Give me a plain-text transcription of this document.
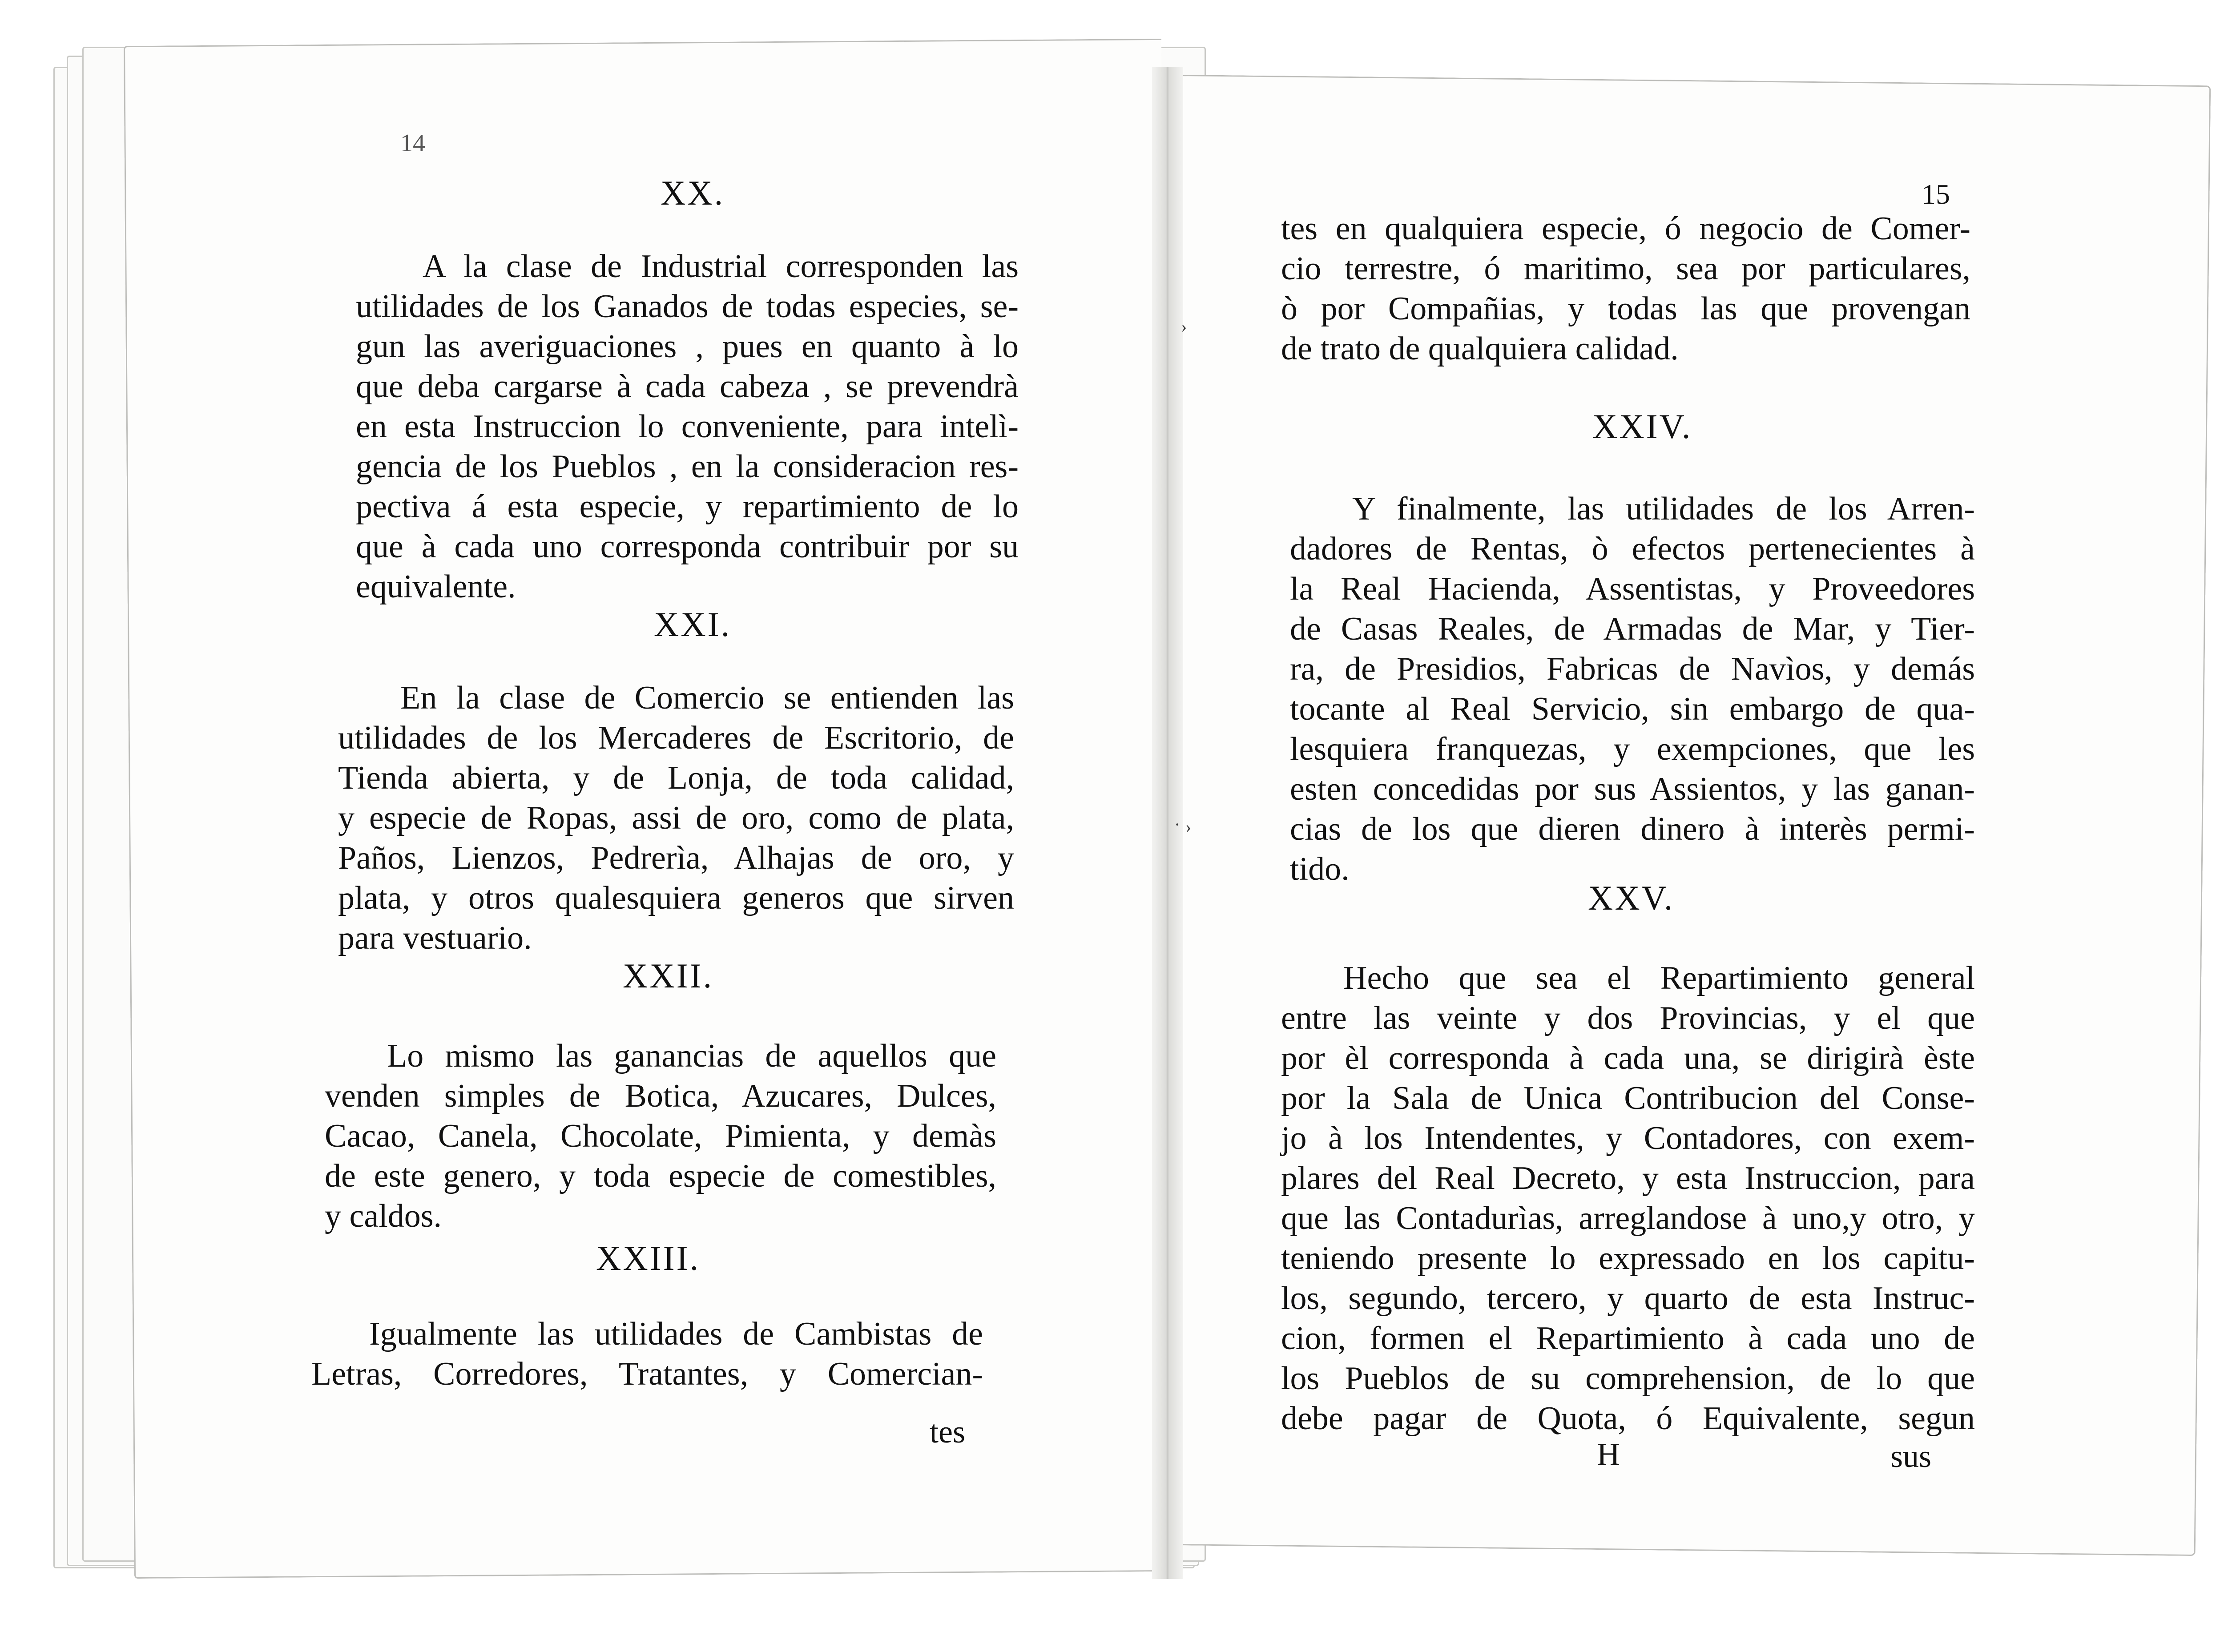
14
XX.
A la clase de Industrial corresponden las
utilidades de los Ganados de todas especies, se-
gun las averiguaciones , pues en quanto à lo
que deba cargarse à cada cabeza , se prevendrà
en esta Instruccion lo conveniente, para intelì-
gencia de los Pueblos , en la consideracion res-
pectiva á esta especie, y repartimiento de lo
que à cada uno corresponda contribuir por su
equivalente.
XXI.
En la clase de Comercio se entienden las
utilidades de los Mercaderes de Escritorio, de
Tienda abierta, y de Lonja, de toda calidad,
y especie de Ropas, assi de oro, como de plata,
Paños, Lienzos, Pedrerìa, Alhajas de oro, y
plata, y otros qualesquiera generos que sirven
para vestuario.
XXII.
Lo mismo las ganancias de aquellos que
venden simples de Botica, Azucares, Dulces,
Cacao, Canela, Chocolate, Pimienta, y demàs
de este genero, y toda especie de comestibles,
y caldos.
XXIII.
Igualmente las utilidades de Cambistas de
Letras, Corredores, Tratantes, y Comercian-
tes
15
tes en qualquiera especie, ó negocio de Comer-
cio terrestre, ó maritimo, sea por particulares,
ò por Compañias, y todas las que provengan
de trato de qualquiera calidad.
XXIV.
Y finalmente, las utilidades de los Arren-
dadores de Rentas, ò efectos pertenecientes à
la Real Hacienda, Assentistas, y Proveedores
de Casas Reales, de Armadas de Mar, y Tier-
ra, de Presidios, Fabricas de Navìos, y demás
tocante al Real Servicio, sin embargo de qua-
lesquiera franquezas, y exempciones, que les
esten concedidas por sus Assientos, y las ganan-
cias de los que dieren dinero à interès permi-
tido.
XXV.
Hecho que sea el Repartimiento general
entre las veinte y dos Provincias, y el que
por èl corresponda à cada una, se dirigirà èste
por la Sala de Unica Contribucion del Conse-
jo à los Intendentes, y Contadores, con exem-
plares del Real Decreto, y esta Instruccion, para
que las Contadurìas, arreglandose à uno,y otro, y
teniendo presente lo expressado en los capitu-
los, segundo, tercero, y quarto de esta Instruc-
cion, formen el Repartimiento à cada uno de
los Pueblos de su comprehension, de lo que
debe pagar de Quota, ó Equivalente, segun
H	sus
›
· ›
